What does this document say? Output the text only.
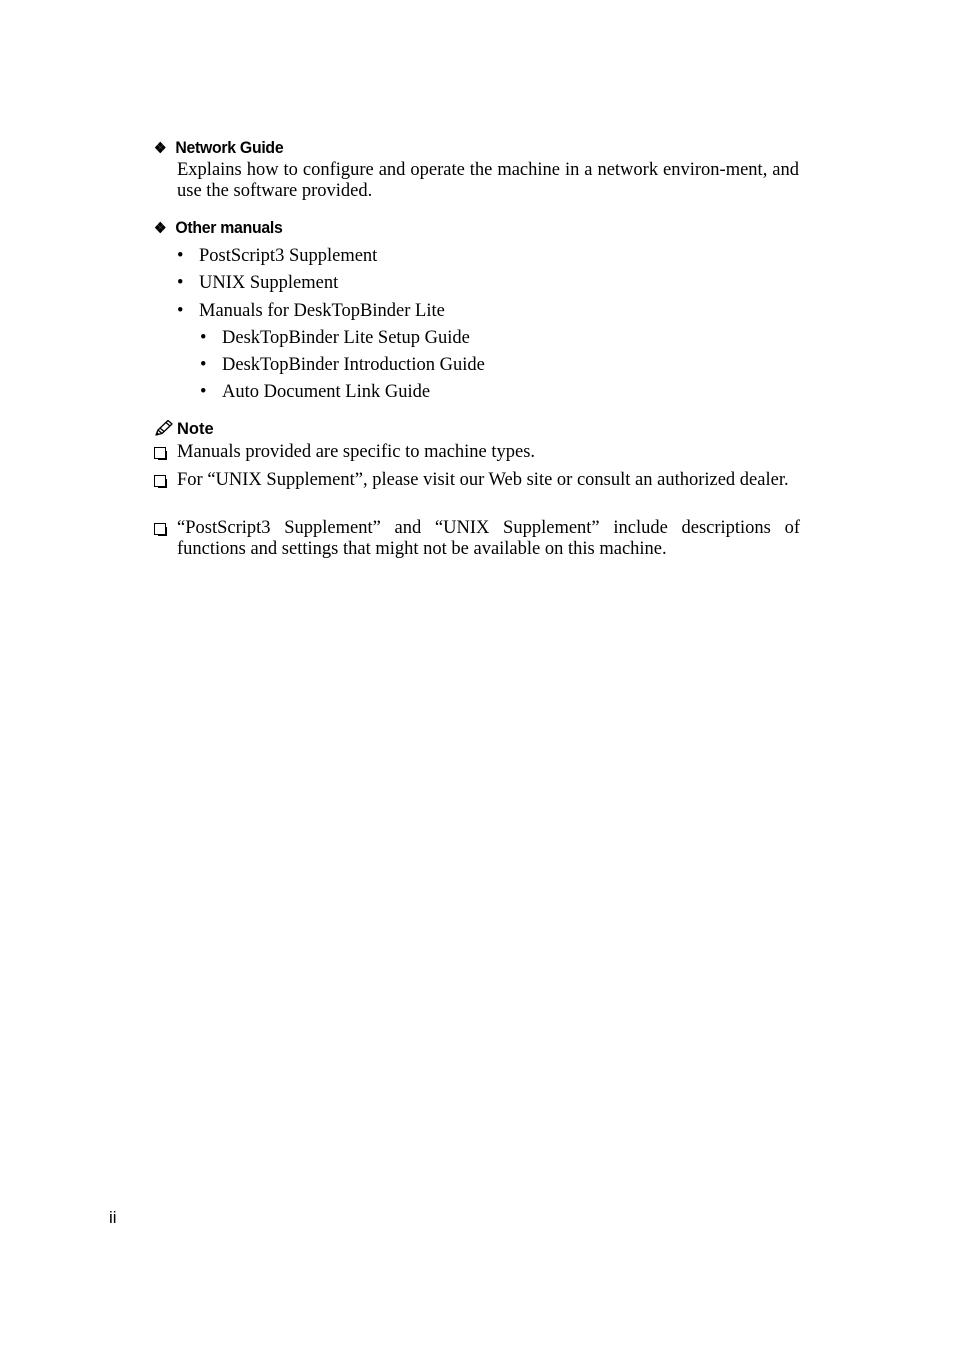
❖ Network Guide
Explains how to configure and operate the machine in a network environ-ment, and use the software provided.
❖ Other manuals
• PostScript3 Supplement
• UNIX Supplement
• Manuals for DeskTopBinder Lite
• DeskTopBinder Lite Setup Guide
• DeskTopBinder Introduction Guide
• Auto Document Link Guide
Note
Manuals provided are specific to machine types.
For “UNIX Supplement”, please visit our Web site or consult an authorized dealer.
“PostScript3 Supplement” and “UNIX Supplement” include descriptions of functions and settings that might not be available on this machine.
ii
